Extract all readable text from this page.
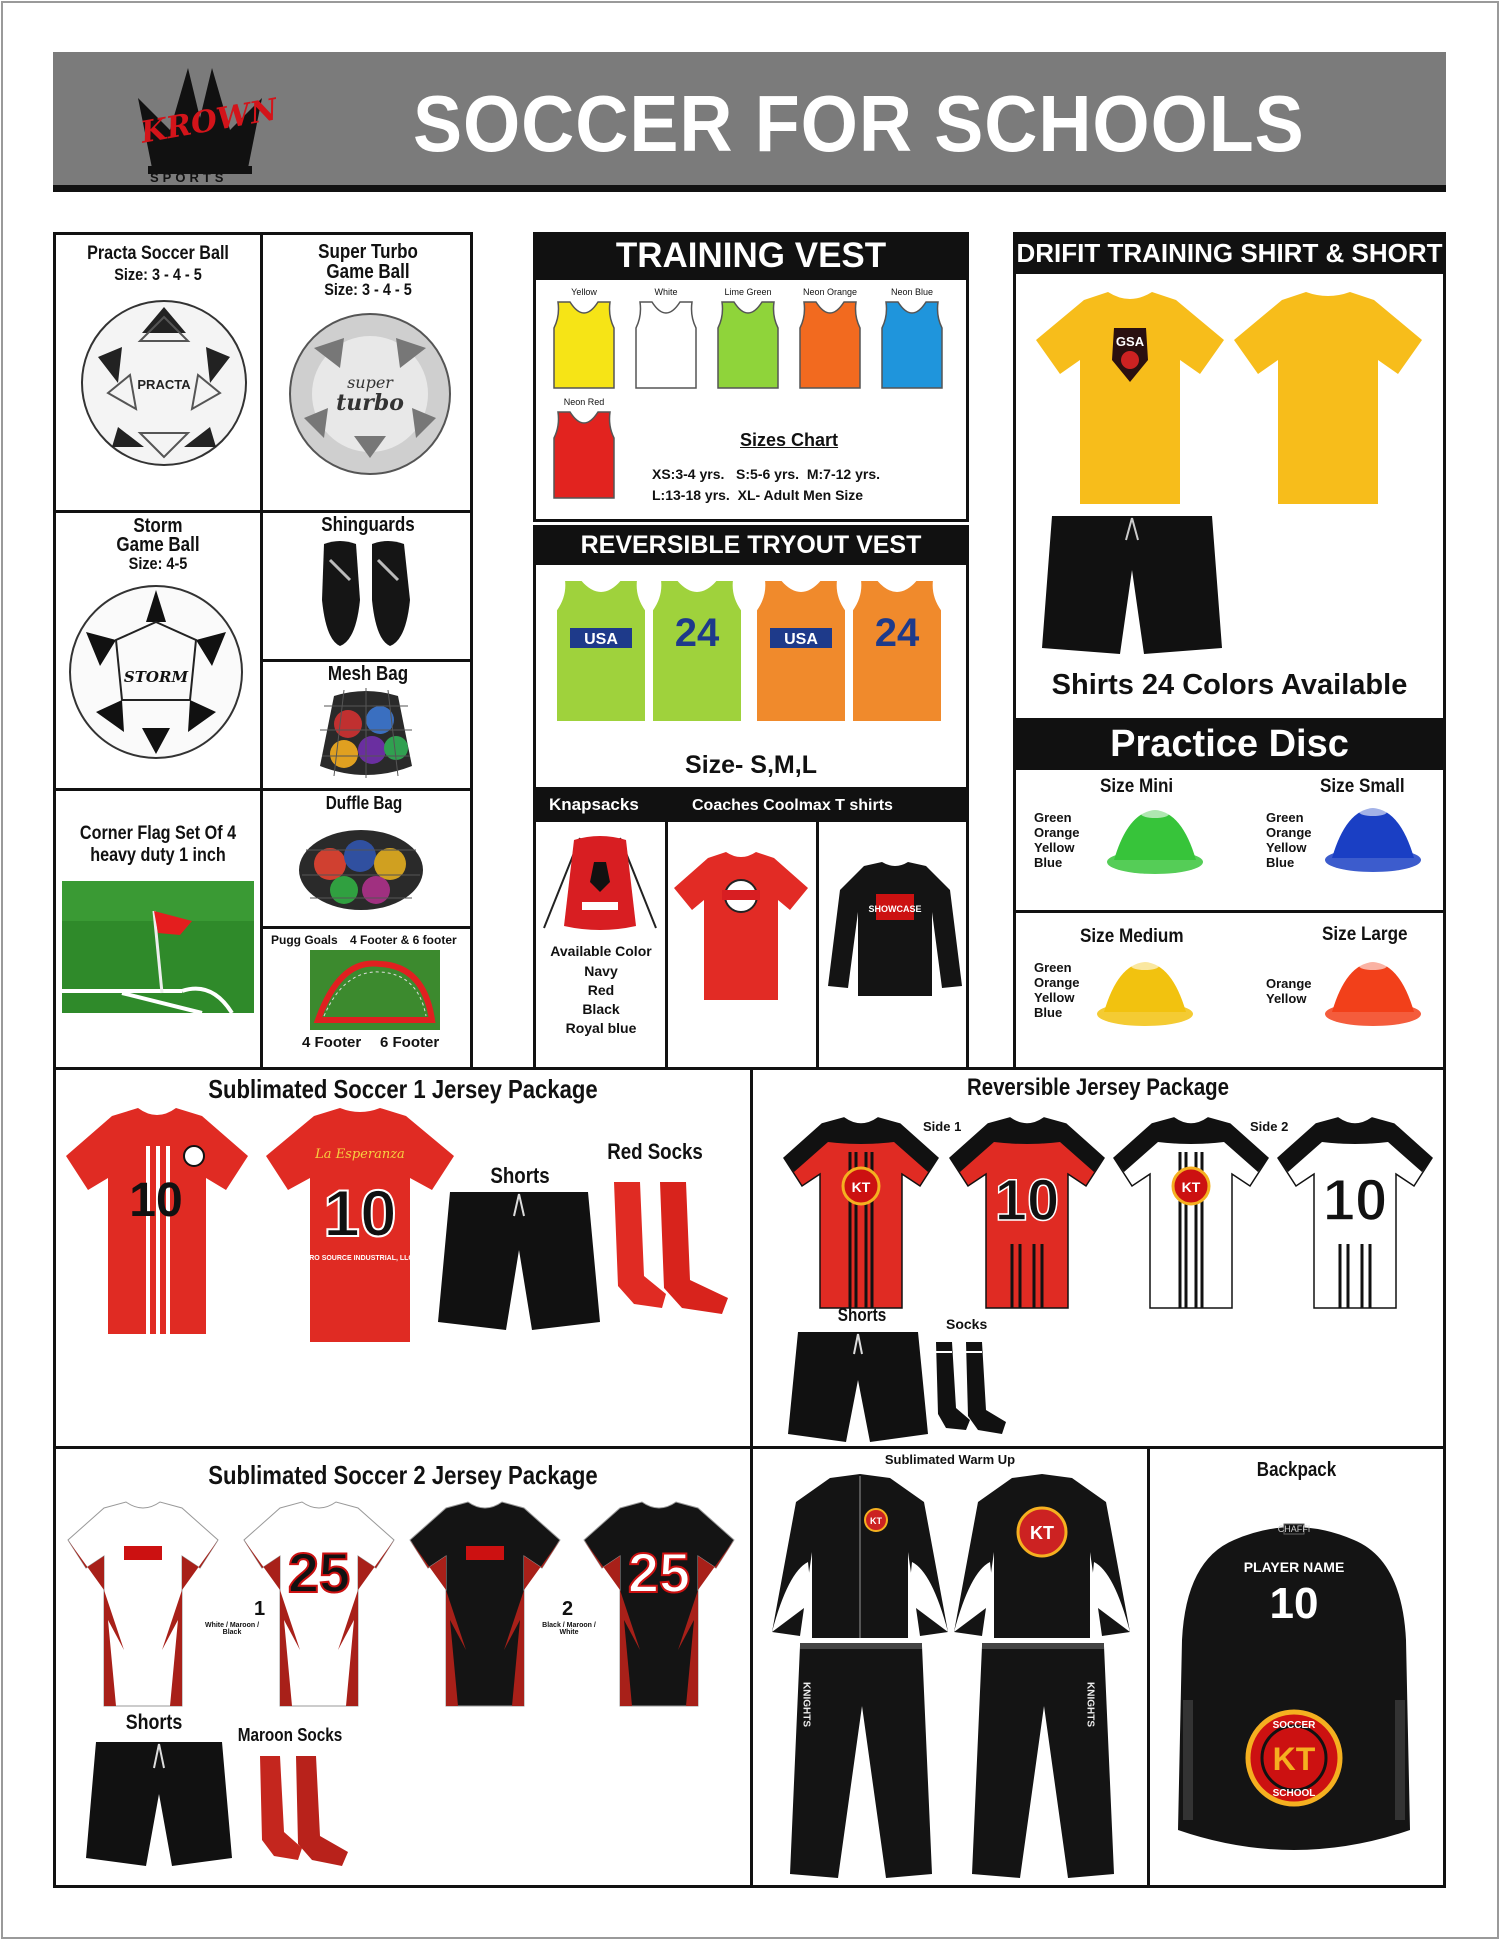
SOCCER FOR SCHOOLS
KROWN
SPORTS
Practa Soccer Ball
Size: 3 - 4 - 5
PRACTA
Super Turbo
Game Ball
Size: 3 - 4 - 5
super
turbo
Storm
Game Ball
Size: 4-5
STORM
Shinguards
Mesh Bag
Duffle Bag
Corner Flag Set Of 4
heavy duty 1 inch
Pugg Goals 4 Footer & 6 footer
4 Footer 6 Footer
TRAINING VEST
Yellow	White	Lime Green	Neon Orange	Neon Blue
Neon Red
Sizes Chart
XS:3-4 yrs.   S:5-6 yrs.  M:7-12 yrs.
L:13-18 yrs.  XL- Adult Men Size
REVERSIBLE TRYOUT VEST
USA 24	USA 24
Size- S,M,L
Knapsacks	Coaches Coolmax T shirts
Available Color
Navy
Red
Black
Royal blue
SHOWCASE
DRIFIT TRAINING SHIRT & SHORT
GSA
Shirts 24 Colors Available
Practice Disc
Size Mini
Green
Orange
Yellow
Blue
Size Small
Green
Orange
Yellow
Blue
Size Medium
Green
Orange
Yellow
Blue
Size Large
Orange
Yellow
Sublimated Soccer 1 Jersey Package
10
La Esperanza
10
PRO SOURCE INDUSTRIAL, LLC.
Shorts
Red Socks
Reversible Jersey Package
Side 1	Side 2
KT 10	KT 10
Shorts	Socks
Sublimated Soccer 2 Jersey Package
25	25
1
White / Maroon / Black
2
Black / Maroon / White
Shorts
Maroon Socks
Sublimated Warm Up
KT
KT
KNIGHTS	KNIGHTS
Backpack
CHAFFI
PLAYER NAME
10
SOCCER
KT
SCHOOL
